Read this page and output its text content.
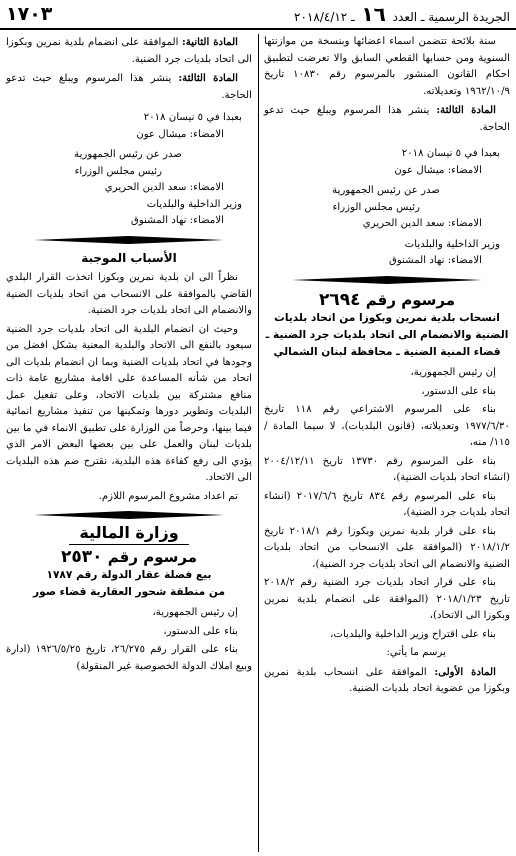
الجريدة الرسمية ـ العدد ١٦ ـ ٢٠١٨/٤/١٢
١٧٠٣

سنة بلائحة تتضمن اسماء اعضائها وبنسخة من موازنتها السنوية ومن حسابها القطعي السابق والا تعرضت لتطبيق احكام القانون المنشور بالمرسوم رقم ١٠٨٣٠ تاريخ ١٩٦٢/١٠/٩ وتعديلاته.

المادة الثالثة: ينشر هذا المرسوم ويبلغ حيث تدعو الحاجة.

بعبدا في ٥ نيسان ٢٠١٨

الامضاء: ميشال عون

صدر عن رئيس الجمهورية

رئيس مجلس الوزراء

الامضاء: سعد الدين الحريري

وزير الداخلية والبلديات

الامضاء: نهاد المشنوق

مرسوم رقم ٢٦٩٤
انسحاب بلدية نمرين وبكوزا من اتحاد بلديات الضنية والانضمام الى اتحاد بلديات جرد الضنية ـ قضاء المنية الضنية ـ محافظة لبنان الشمالي

إن رئيس الجمهورية،

بناء على الدستور،

بناء على المرسوم الاشتراعي رقم ١١٨ تاريخ ١٩٧٧/٦/٣٠ وتعديلاته، (قانون البلديات)، لا سيما المادة /١١٥/ منه،

بناء على المرسوم رقم ١٣٧٣٠ تاريخ ٢٠٠٤/١٢/١١ (انشاء اتحاد بلديات الضنية)،

بناء على المرسوم رقم ٨٣٤ تاريخ ٢٠١٧/٦/٦ (انشاء اتحاد بلديات جرد الضنية)،

بناء على قرار بلدية نمرين وبكوزا رقم ٢٠١٨/١ تاريخ ٢٠١٨/١/٢ (الموافقة على الانسحاب من اتحاد بلديات الضنية والانضمام الى اتحاد بلديات جرد الضنية)،

بناء على قرار اتحاد بلديات جرد الضنية رقم ٢٠١٨/٢ تاريخ ٢٠١٨/١/٢٣ (الموافقة على انضمام بلدية نمرين وبكوزا الى الاتحاد)،

بناء على اقتراح وزير الداخلية والبلديات،

يرسم ما يأتي:

المادة الأولى: الموافقة على انسحاب بلدية نمرين وبكوزا من عضوية اتحاد بلديات الضنية.

المادة الثانية: الموافقة على انضمام بلدية نمرين وبكوزا الى اتحاد بلديات جرد الضنية.

المادة الثالثة: ينشر هذا المرسوم ويبلغ حيث تدعو الحاجة.

بعبدا في ٥ نيسان ٢٠١٨

الامضاء: ميشال عون

صدر عن رئيس الجمهورية

رئيس مجلس الوزراء

الامضاء: سعد الدين الحريري

وزير الداخلية والبلديات

الامضاء: نهاد المشنوق

الأسباب الموجبة

نظراً الى ان بلدية نمرين وبكوزا اتخذت القرار البلدي القاضي بالموافقة على الانسحاب من اتحاد بلديات الضنية والانضمام الى اتحاد بلديات جرد الضنية.

وحيث ان انضمام البلدية الى اتحاد بلديات جرد الضنية سيعود بالنفع الى الاتحاد والبلدية المعنية بشكل افضل من وجودها في اتحاد بلديات الضنية وبما ان انضمام بلديات الى اتحاد من شأنه المساعدة على اقامة مشاريع عامة ذات منافع مشتركة بين بلديات الاتحاد، وعلى تفعيل عمل البلديات وتطوير دورها وتمكينها من تنفيذ مشاريع انمائية فيما بينها، وحرصاً من الوزارة على تطبيق الانماء في ما بين بلديات لبنان والعمل على بين بعضها البعض الامر الذي يؤدي الى رفع كفاءة هذه البلدية، نقترح ضم هذه البلديات الى الاتحاد.

تم اعداد مشروع المرسوم اللازم.

وزارة المالية
مرسوم رقم ٢٥٣٠
بيع فضلة عقار الدولة رقم ١٧٨٧
من منطقة شحور العقارية قضاء صور

إن رئيس الجمهورية،

بناء على الدستور،

بناء على القرار رقم ٢٦/٢٧٥، تاريخ ١٩٢٦/٥/٢٥ (ادارة وبيع املاك الدولة الخصوصية غير المنقولة)
